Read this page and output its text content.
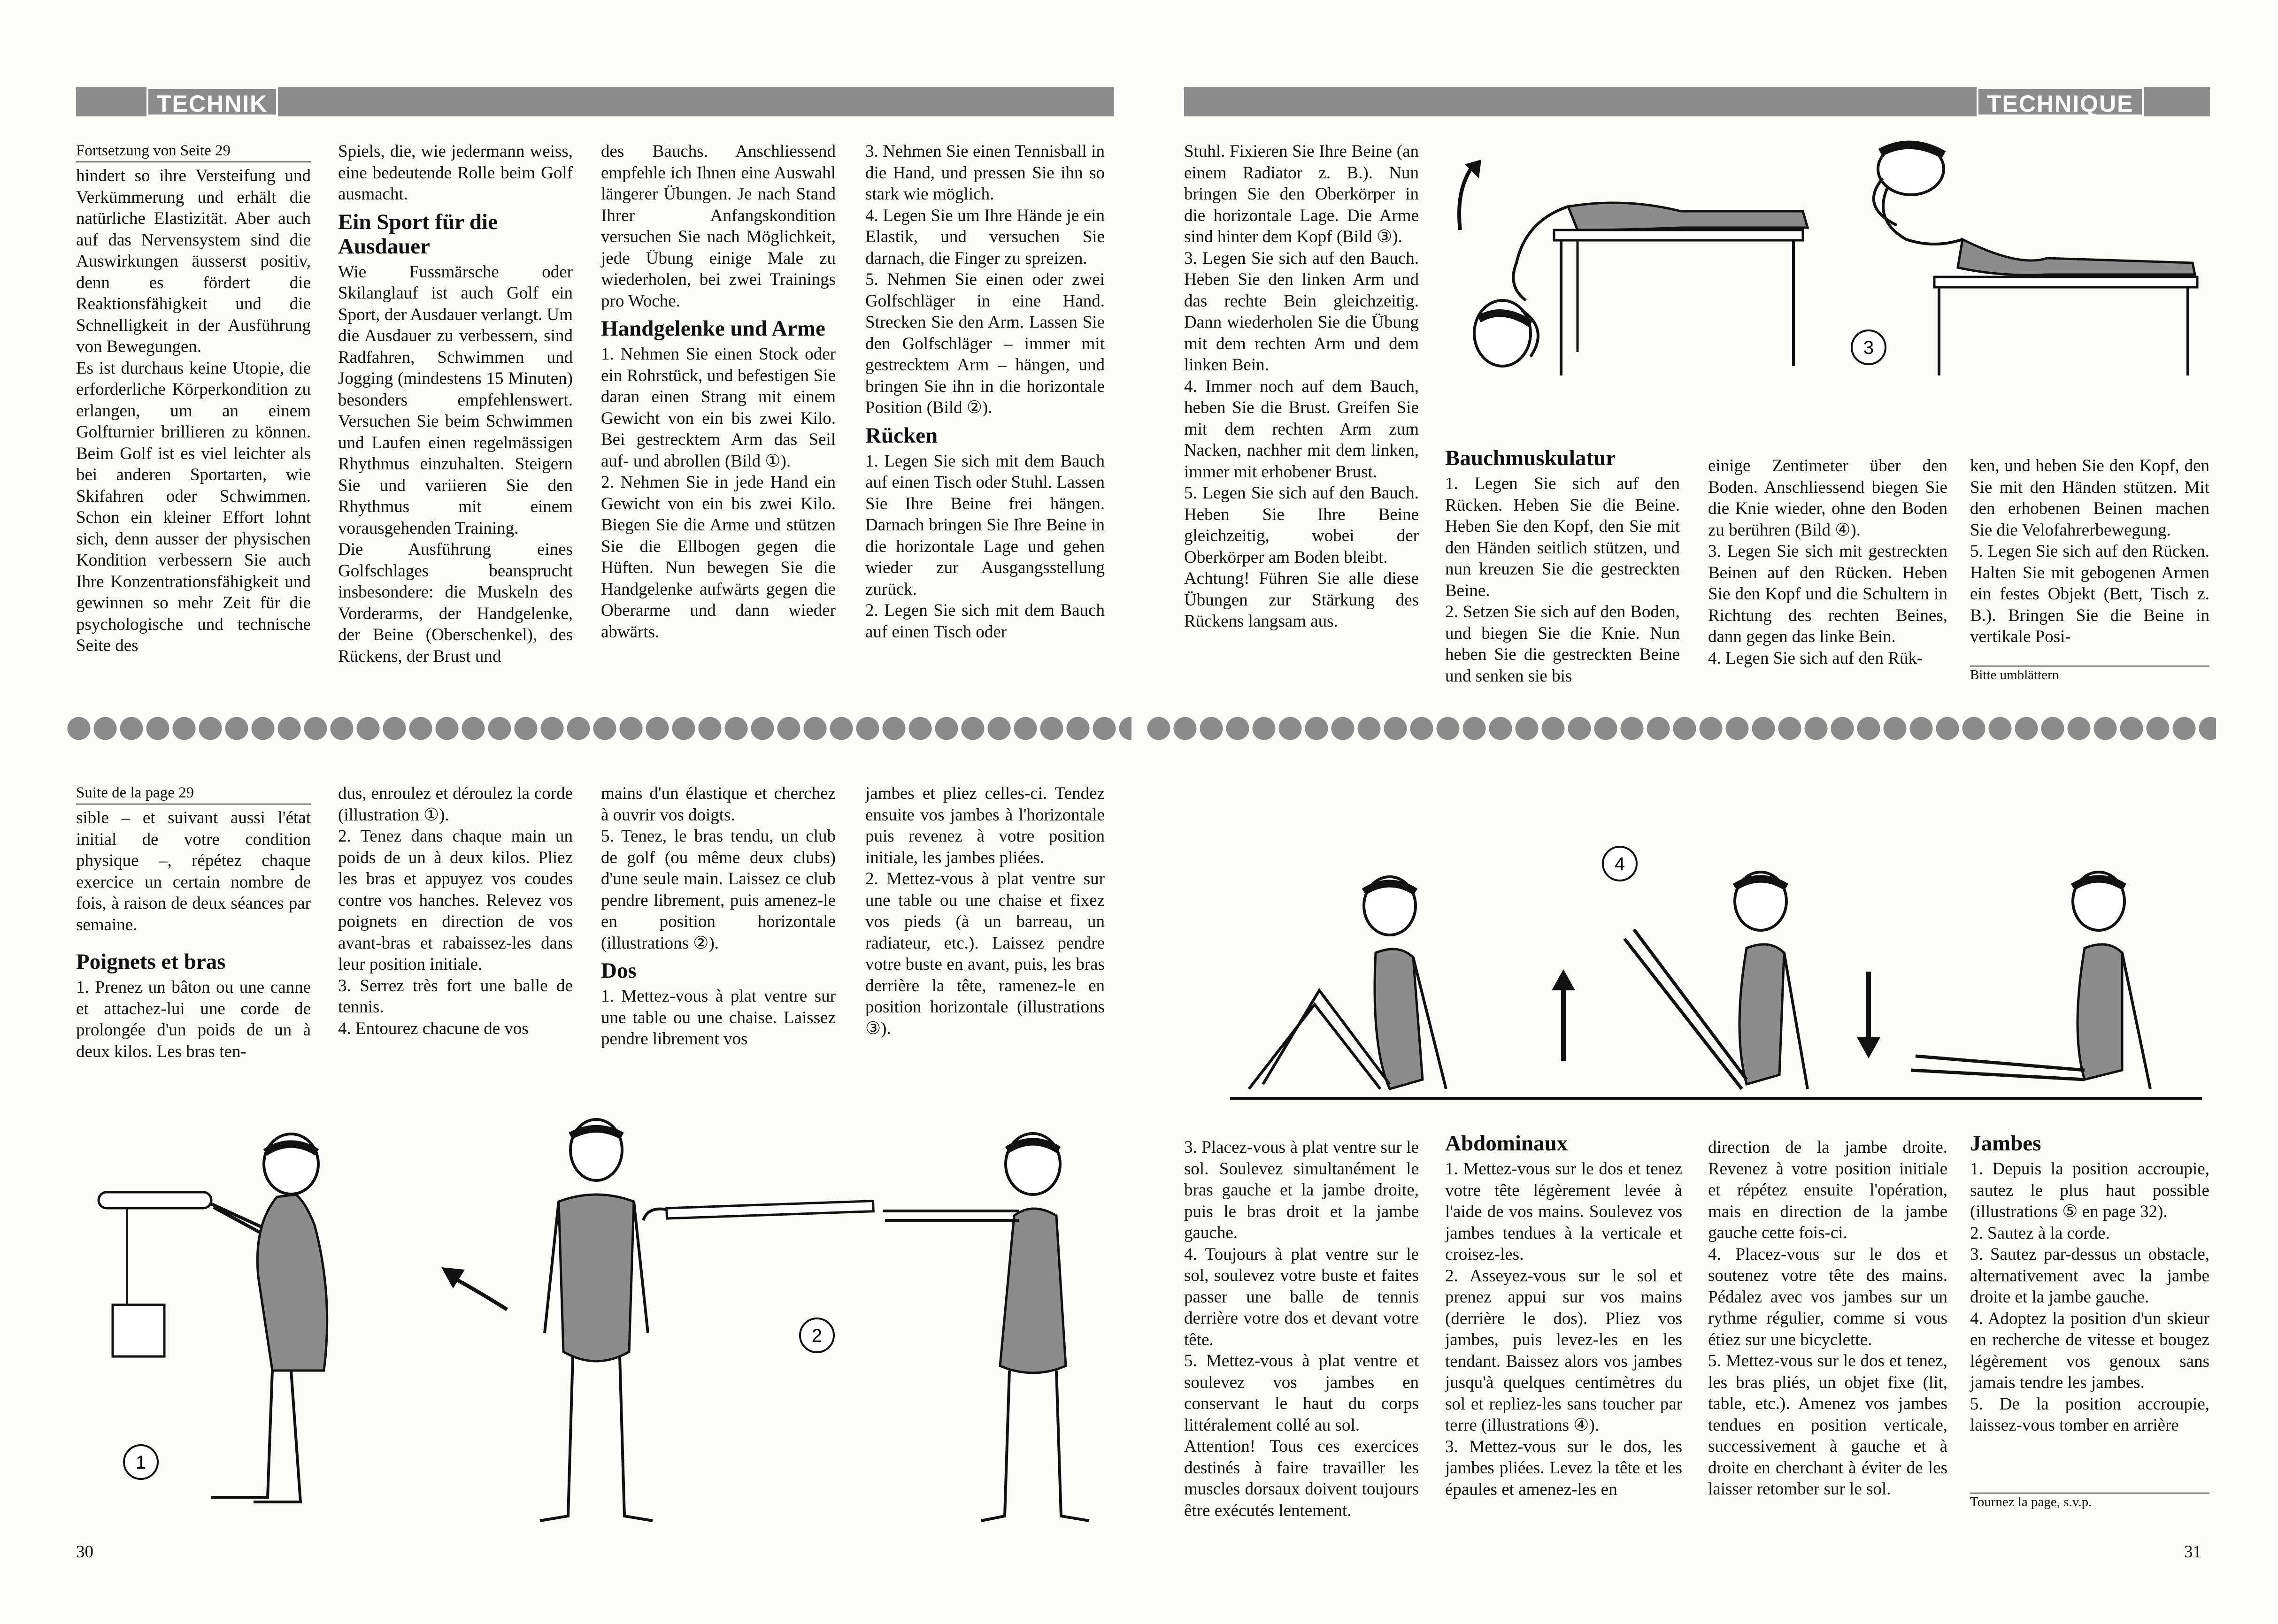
TECHNIK	TECHNIQUE

Fortsetzung von Seite 29

hindert so ihre Versteifung und Verkümmerung und erhält die natürliche Elastizität. Aber auch auf das Nervensystem sind die Auswirkungen äusserst positiv, denn es fördert die Reaktionsfähigkeit und die Schnelligkeit in der Ausführung von Bewegungen.

Es ist durchaus keine Utopie, die erforderliche Körperkondition zu erlangen, um an einem Golfturnier brillieren zu können. Beim Golf ist es viel leichter als bei anderen Sportarten, wie Skifahren oder Schwimmen. Schon ein kleiner Effort lohnt sich, denn ausser der physischen Kondition verbessern Sie auch Ihre Konzentrationsfähigkeit und gewinnen so mehr Zeit für die psychologische und technische Seite des

Spiels, die, wie jedermann weiss, eine bedeutende Rolle beim Golf ausmacht.

Ein Sport für die Ausdauer

Wie Fussmärsche oder Skilanglauf ist auch Golf ein Sport, der Ausdauer verlangt. Um die Ausdauer zu verbessern, sind Radfahren, Schwimmen und Jogging (mindestens 15 Minuten) besonders empfehlenswert. Versuchen Sie beim Schwimmen und Laufen einen regelmässigen Rhythmus einzuhalten. Steigern Sie und variieren Sie den Rhythmus mit einem vorausgehenden Training.

Die Ausführung eines Golfschlages beansprucht insbesondere: die Muskeln des Vorderarms, der Handgelenke, der Beine (Oberschenkel), des Rückens, der Brust und

des Bauchs. Anschliessend empfehle ich Ihnen eine Auswahl längerer Übungen. Je nach Stand Ihrer Anfangskondition versuchen Sie nach Möglichkeit, jede Übung einige Male zu wiederholen, bei zwei Trainings pro Woche.

Handgelenke und Arme

1. Nehmen Sie einen Stock oder ein Rohrstück, und befestigen Sie daran einen Strang mit einem Gewicht von ein bis zwei Kilo. Bei gestrecktem Arm das Seil auf- und abrollen (Bild ①).

2. Nehmen Sie in jede Hand ein Gewicht von ein bis zwei Kilo. Biegen Sie die Arme und stützen Sie die Ellbogen gegen die Hüften. Nun bewegen Sie die Handgelenke aufwärts gegen die Oberarme und dann wieder abwärts.

3. Nehmen Sie einen Tennisball in die Hand, und pressen Sie ihn so stark wie möglich.

4. Legen Sie um Ihre Hände je ein Elastik, und versuchen Sie darnach, die Finger zu spreizen.

5. Nehmen Sie einen oder zwei Golfschläger in eine Hand. Strecken Sie den Arm. Lassen Sie den Golfschläger – immer mit gestrecktem Arm – hängen, und bringen Sie ihn in die horizontale Position (Bild ②).

Rücken

1. Legen Sie sich mit dem Bauch auf einen Tisch oder Stuhl. Lassen Sie Ihre Beine frei hängen. Darnach bringen Sie Ihre Beine in die horizontale Lage und gehen wieder zur Ausgangsstellung zurück.

2. Legen Sie sich mit dem Bauch auf einen Tisch oder

Stuhl. Fixieren Sie Ihre Beine (an einem Radiator z. B.). Nun bringen Sie den Oberkörper in die horizontale Lage. Die Arme sind hinter dem Kopf (Bild ③).

3. Legen Sie sich auf den Bauch. Heben Sie den linken Arm und das rechte Bein gleichzeitig. Dann wiederholen Sie die Übung mit dem rechten Arm und dem linken Bein.

4. Immer noch auf dem Bauch, heben Sie die Brust. Greifen Sie mit dem rechten Arm zum Nacken, nachher mit dem linken, immer mit erhobener Brust.

5. Legen Sie sich auf den Bauch. Heben Sie Ihre Beine gleichzeitig, wobei der Oberkörper am Boden bleibt.

Achtung! Führen Sie alle diese Übungen zur Stärkung des Rückens langsam aus.

3
Bauchmuskulatur

1. Legen Sie sich auf den Rücken. Heben Sie die Beine. Heben Sie den Kopf, den Sie mit den Händen seitlich stützen, und nun kreuzen Sie die gestreckten Beine.

2. Setzen Sie sich auf den Boden, und biegen Sie die Knie. Nun heben Sie die gestreckten Beine und senken sie bis

einige Zentimeter über den Boden. Anschliessend biegen Sie die Knie wieder, ohne den Boden zu berühren (Bild ④).

3. Legen Sie sich mit gestreckten Beinen auf den Rücken. Heben Sie den Kopf und die Schultern in Richtung des rechten Beines, dann gegen das linke Bein.

4. Legen Sie sich auf den Rük-

ken, und heben Sie den Kopf, den Sie mit den Händen stützen. Mit den erhobenen Beinen machen Sie die Velofahrerbewegung.

5. Legen Sie sich auf den Rücken. Halten Sie mit gebogenen Armen ein festes Objekt (Bett, Tisch z. B.). Bringen Sie die Beine in vertikale Posi-

Bitte umblättern

Suite de la page 29

sible – et suivant aussi l'état initial de votre condition physique –, répétez chaque exercice un certain nombre de fois, à raison de deux séances par semaine.

Poignets et bras

1. Prenez un bâton ou une canne et attachez-lui une corde de prolongée d'un poids de un à deux kilos. Les bras ten-

dus, enroulez et déroulez la corde (illustration ①).

2. Tenez dans chaque main un poids de un à deux kilos. Pliez les bras et appuyez vos coudes contre vos hanches. Relevez vos poignets en direction de vos avant-bras et rabaissez-les dans leur position initiale.

3. Serrez très fort une balle de tennis.

4. Entourez chacune de vos

mains d'un élastique et cherchez à ouvrir vos doigts.

5. Tenez, le bras tendu, un club de golf (ou même deux clubs) d'une seule main. Laissez ce club pendre librement, puis amenez-le en position horizontale (illustrations ②).

Dos

1. Mettez-vous à plat ventre sur une table ou une chaise. Laissez pendre librement vos

jambes et pliez celles-ci. Tendez ensuite vos jambes à l'horizontale puis revenez à votre position initiale, les jambes pliées.

2. Mettez-vous à plat ventre sur une table ou une chaise et fixez vos pieds (à un barreau, un radiateur, etc.). Laissez pendre votre buste en avant, puis, les bras derrière la tête, ramenez-le en position horizontale (illustrations ③).

1
2
30
4

3. Placez-vous à plat ventre sur le sol. Soulevez simultanément le bras gauche et la jambe droite, puis le bras droit et la jambe gauche.

4. Toujours à plat ventre sur le sol, soulevez votre buste et faites passer une balle de tennis derrière votre dos et devant votre tête.

5. Mettez-vous à plat ventre et soulevez vos jambes en conservant le haut du corps littéralement collé au sol.

Attention! Tous ces exercices destinés à faire travailler les muscles dorsaux doivent toujours être exécutés lentement.

Abdominaux

1. Mettez-vous sur le dos et tenez votre tête légèrement levée à l'aide de vos mains. Soulevez vos jambes tendues à la verticale et croisez-les.

2. Asseyez-vous sur le sol et prenez appui sur vos mains (derrière le dos). Pliez vos jambes, puis levez-les en les tendant. Baissez alors vos jambes jusqu'à quelques centimètres du sol et repliez-les sans toucher par terre (illustrations ④).

3. Mettez-vous sur le dos, les jambes pliées. Levez la tête et les épaules et amenez-les en

direction de la jambe droite. Revenez à votre position initiale et répétez ensuite l'opération, mais en direction de la jambe gauche cette fois-ci.

4. Placez-vous sur le dos et soutenez votre tête des mains. Pédalez avec vos jambes sur un rythme régulier, comme si vous étiez sur une bicyclette.

5. Mettez-vous sur le dos et tenez, les bras pliés, un objet fixe (lit, table, etc.). Amenez vos jambes tendues en position verticale, successivement à gauche et à droite en cherchant à éviter de les laisser retomber sur le sol.

Jambes

1. Depuis la position accroupie, sautez le plus haut possible (illustrations ⑤ en page 32).

2. Sautez à la corde.

3. Sautez par-dessus un obstacle, alternativement avec la jambe droite et la jambe gauche.

4. Adoptez la position d'un skieur en recherche de vitesse et bougez légèrement vos genoux sans jamais tendre les jambes.

5. De la position accroupie, laissez-vous tomber en arrière

Tournez la page, s.v.p.
31
